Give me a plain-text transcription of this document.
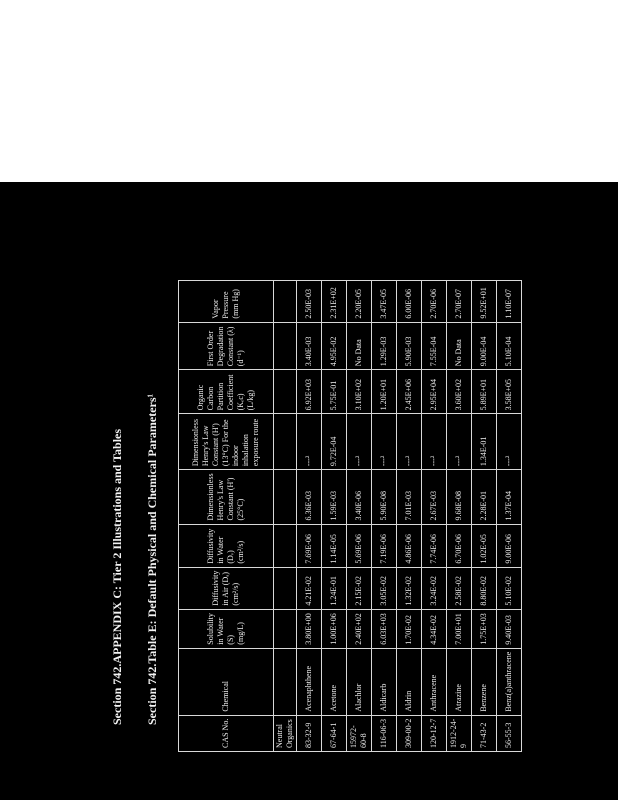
Section 742.APPENDIX C: Tier 2 Illustrations and Tables Section 742.Table E: Default Physical and Chemical Parameters¹
CAS No.	Chemical	Solubility in Water (S) (mg/L)	Diffusivity in Air (Dₐ) (cm²/s)	Diffusivity in Water (Dᵥ) (cm²/s)	Dimensionless Henry's Law Constant (H') (25°C)	Dimensionless Henry's Law Constant (H') (13°C) For the indoor inhalation exposure route	Organic Carbon Partition Coefficient (Kₒc) (L/kg)	First Order Degradation Constant (λ) (d⁻¹)	Vapor Pressure (mm Hg)
Neutral Organics									
83-32-9	Acenaphthene	3.80E+00	4.21E-02	7.69E-06	6.36E-03	---²	6.92E+03	3.40E-03	2.50E-03
67-64-1	Acetone	1.00E+06	1.24E-01	1.14E-05	1.59E-03	9.72E-04	5.75E-01	4.95E-02	2.31E+02
15972-60-8	Alachlor	2.40E+02	2.15E-02	5.69E-06	3.40E-06	---²	3.10E+02	No Data	2.20E-05
116-06-3	Aldicarb	6.03E+03	3.05E-02	7.19E-06	5.90E-08	---²	1.20E+01	1.29E-03	3.47E-05
309-00-2	Aldrin	1.70E-02	1.32E-02	4.86E-06	7.01E-03	---²	2.45E+06	5.90E-03	6.00E-06
120-12-7	Anthracene	4.34E-02	3.24E-02	7.74E-06	2.67E-03	---²	2.95E+04	7.55E-04	2.70E-06
1912-24-9	Atrazine	7.00E+01	2.58E-02	6.70E-06	9.68E-08	---²	3.60E+02	No Data	2.70E-07
71-43-2	Benzene	1.75E+03	8.80E-02	1.02E-05	2.28E-01	1.34E-01	5.89E+01	9.00E-04	9.52E+01
56-55-3	Benz(a)anthracene	9.40E-03	5.10E-02	9.00E-06	1.37E-04	---²	3.58E+05	5.10E-04	1.10E-07
